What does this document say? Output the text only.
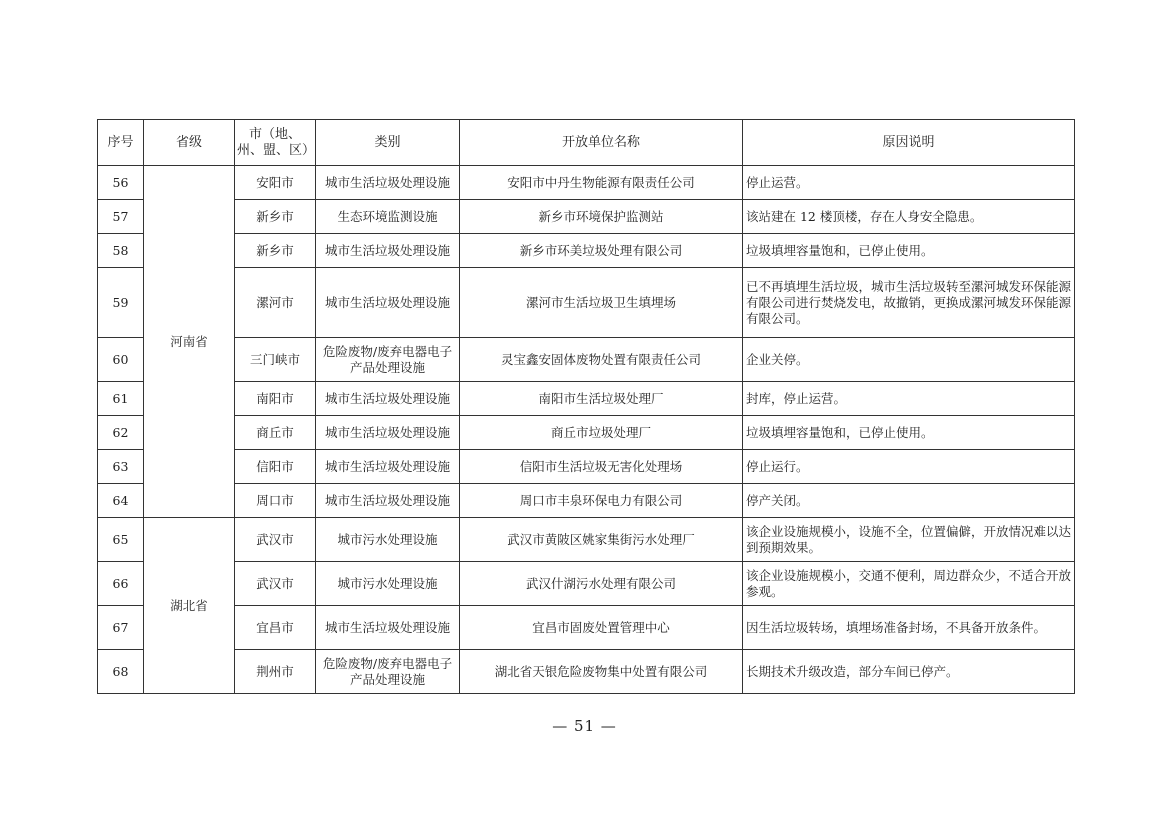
序号	省级	市（地、州、盟、区）	类别	开放单位名称	原因说明
56	河南省	安阳市	城市生活垃圾处理设施	安阳市中丹生物能源有限责任公司	停止运营。
57		新乡市	生态环境监测设施	新乡市环境保护监测站	该站建在 12 楼顶楼，存在人身安全隐患。
58		新乡市	城市生活垃圾处理设施	新乡市环美垃圾处理有限公司	垃圾填埋容量饱和，已停止使用。
59		漯河市	城市生活垃圾处理设施	漯河市生活垃圾卫生填埋场	已不再填埋生活垃圾，城市生活垃圾转至漯河城发环保能源有限公司进行焚烧发电，故撤销，更换成漯河城发环保能源有限公司。
60		三门峡市	危险废物/废弃电器电子产品处理设施	灵宝鑫安固体废物处置有限责任公司	企业关停。
61		南阳市	城市生活垃圾处理设施	南阳市生活垃圾处理厂	封库，停止运营。
62		商丘市	城市生活垃圾处理设施	商丘市垃圾处理厂	垃圾填埋容量饱和，已停止使用。
63		信阳市	城市生活垃圾处理设施	信阳市生活垃圾无害化处理场	停止运行。
64		周口市	城市生活垃圾处理设施	周口市丰泉环保电力有限公司	停产关闭。
65	湖北省	武汉市	城市污水处理设施	武汉市黄陂区姚家集街污水处理厂	该企业设施规模小，设施不全，位置偏僻，开放情况难以达到预期效果。
66		武汉市	城市污水处理设施	武汉什湖污水处理有限公司	该企业设施规模小，交通不便利，周边群众少，不适合开放参观。
67		宜昌市	城市生活垃圾处理设施	宜昌市固废处置管理中心	因生活垃圾转场，填埋场准备封场，不具备开放条件。
68		荆州市	危险废物/废弃电器电子产品处理设施	湖北省天银危险废物集中处置有限公司	长期技术升级改造，部分车间已停产。
— 51 —
